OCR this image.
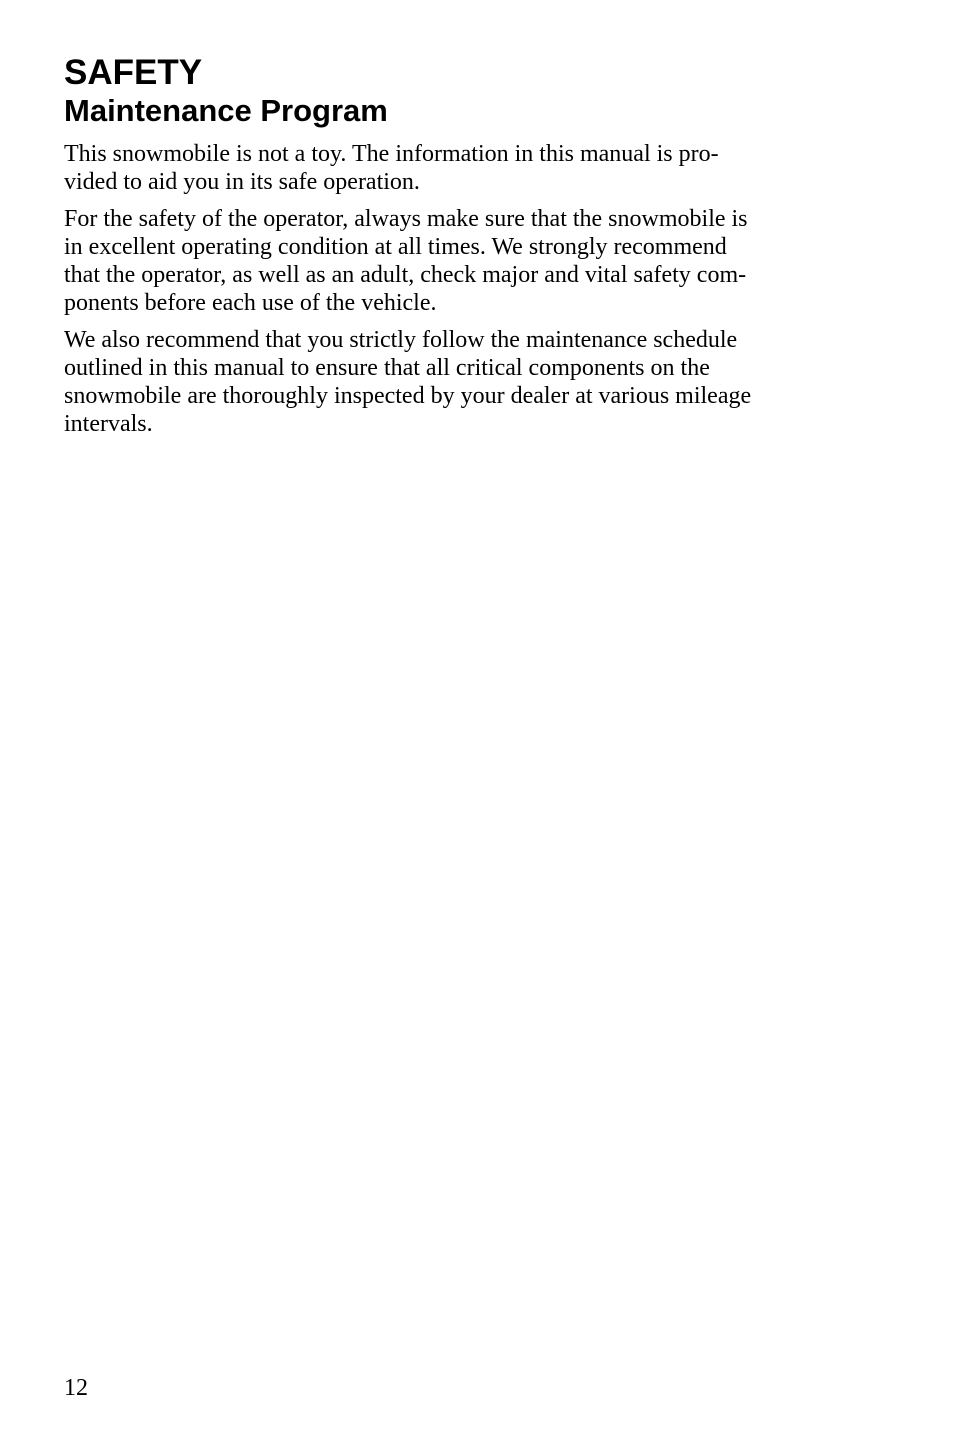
SAFETY
Maintenance Program

This snowmobile is not a toy. The information in this manual is pro-
vided to aid you in its safe operation.

For the safety of the operator, always make sure that the snowmobile is
in excellent operating condition at all times. We strongly recommend
that the operator, as well as an adult, check major and vital safety com-
ponents before each use of the vehicle.

We also recommend that you strictly follow the maintenance schedule
outlined in this manual to ensure that all critical components on the
snowmobile are thoroughly inspected by your dealer at various mileage
intervals.

12
